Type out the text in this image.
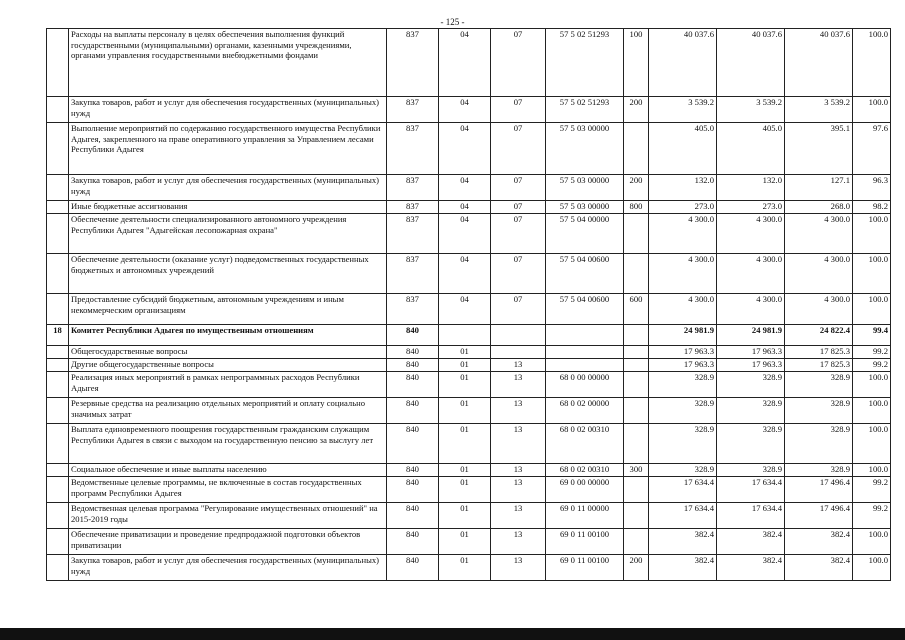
- 125 -
	Расходы на выплаты персоналу в целях обеспечения выполнения функций государственными (муниципальными) органами, казенными учреждениями, органами управления государственными внебюджетными фондами	837	04	07	57 5 02 51293	100	40 037.6	40 037.6	40 037.6	100.0
	Закупка товаров, работ и услуг для обеспечения государственных (муниципальных) нужд	837	04	07	57 5 02 51293	200	3 539.2	3 539.2	3 539.2	100.0
	Выполнение мероприятий по содержанию государственного имущества Республики Адыгея, закрепленного на праве оперативного управления за Управлением лесами Республики Адыгея	837	04	07	57 5 03 00000		405.0	405.0	395.1	97.6
	Закупка товаров, работ и услуг для обеспечения государственных (муниципальных) нужд	837	04	07	57 5 03 00000	200	132.0	132.0	127.1	96.3
	Иные бюджетные ассигнования	837	04	07	57 5 03 00000	800	273.0	273.0	268.0	98.2
	Обеспечение деятельности специализированного автономного учреждения Республики Адыгея "Адыгейская лесопожарная охрана"	837	04	07	57 5 04 00000		4 300.0	4 300.0	4 300.0	100.0
	Обеспечение деятельности (оказание услуг) подведомственных государственных бюджетных и автономных учреждений	837	04	07	57 5 04 00600		4 300.0	4 300.0	4 300.0	100.0
	Предоставление субсидий бюджетным, автономным учреждениям и иным некоммерческим организациям	837	04	07	57 5 04 00600	600	4 300.0	4 300.0	4 300.0	100.0
18	Комитет Республики Адыгея по имущественным отношениям	840					24 981.9	24 981.9	24 822.4	99.4
	Общегосударственные вопросы	840	01				17 963.3	17 963.3	17 825.3	99.2
	Другие общегосударственные вопросы	840	01	13			17 963.3	17 963.3	17 825.3	99.2
	Реализация иных мероприятий в рамках непрограммных расходов Республики Адыгея	840	01	13	68 0 00 00000		328.9	328.9	328.9	100.0
	Резервные средства на реализацию отдельных мероприятий и оплату социально значимых затрат	840	01	13	68 0 02 00000		328.9	328.9	328.9	100.0
	Выплата единовременного поощрения государственным гражданским служащим Республики Адыгея в связи с выходом на государственную пенсию за выслугу лет	840	01	13	68 0 02 00310		328.9	328.9	328.9	100.0
	Социальное обеспечение и иные выплаты населению	840	01	13	68 0 02 00310	300	328.9	328.9	328.9	100.0
	Ведомственные целевые программы, не включенные в состав государственных программ Республики Адыгея	840	01	13	69 0 00 00000		17 634.4	17 634.4	17 496.4	99.2
	Ведомственная целевая программа "Регулирование имущественных отношений" на 2015-2019 годы	840	01	13	69 0 11 00000		17 634.4	17 634.4	17 496.4	99.2
	Обеспечение приватизации и проведение предпродажной подготовки объектов приватизации	840	01	13	69 0 11 00100		382.4	382.4	382.4	100.0
	Закупка товаров, работ и услуг для обеспечения государственных (муниципальных) нужд	840	01	13	69 0 11 00100	200	382.4	382.4	382.4	100.0
